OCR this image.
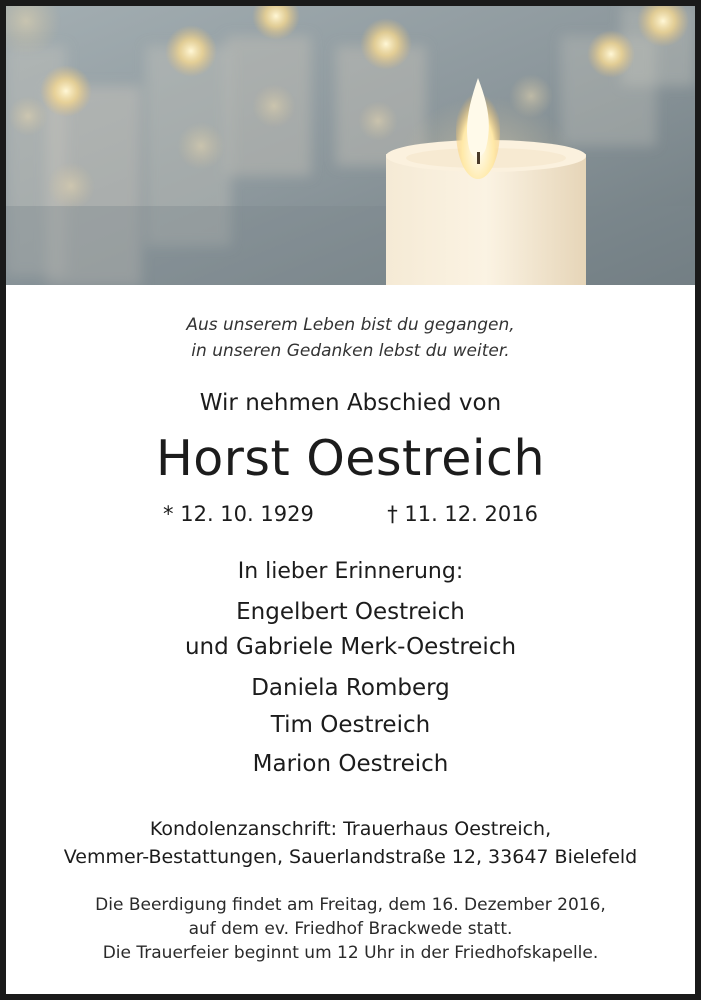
Aus unserem Leben bist du gegangen,
in unseren Gedanken lebst du weiter.
Wir nehmen Abschied von
Horst Oestreich
* 12. 10. 1929	† 11. 12. 2016
In lieber Erinnerung:
Engelbert Oestreich
und Gabriele Merk-Oestreich
Daniela Romberg
Tim Oestreich
Marion Oestreich
Kondolenzanschrift: Trauerhaus Oestreich,
Vemmer-Bestattungen, Sauerlandstraße 12, 33647 Bielefeld
Die Beerdigung findet am Freitag, dem 16. Dezember 2016,
auf dem ev. Friedhof Brackwede statt.
Die Trauerfeier beginnt um 12 Uhr in der Friedhofskapelle.
